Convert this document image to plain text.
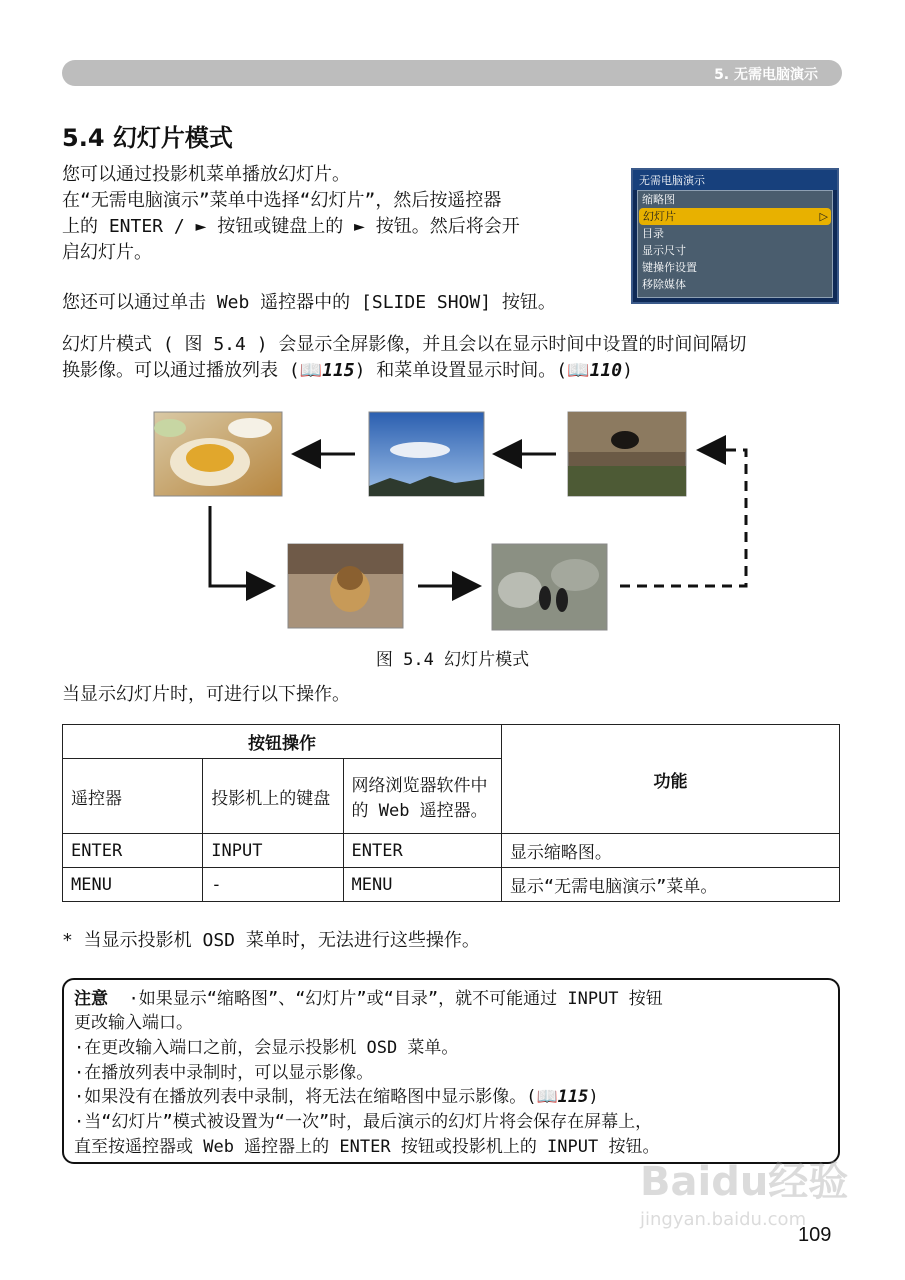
5. 无需电脑演示
5.4 幻灯片模式
您可以通过投影机菜单播放幻灯片。
在“无需电脑演示”菜单中选择“幻灯片”，然后按遥控器
上的 ENTER / ► 按钮或键盘上的 ► 按钮。然后将会开
启幻灯片。
您还可以通过单击 Web 遥控器中的 [SLIDE SHOW] 按钮。
无需电脑演示
缩略图
幻灯片	▷
目录
显示尺寸
键操作设置
移除媒体
幻灯片模式 ( 图 5.4 ) 会显示全屏影像，并且会以在显示时间中设置的时间间隔切
换影像。可以通过播放列表 (📖115) 和菜单设置显示时间。(📖110)
图 5.4 幻灯片模式
当显示幻灯片时，可进行以下操作。
按钮操作			功能
遥控器	投影机上的键盘	网络浏览器软件中的 Web 遥控器。	
ENTER	INPUT	ENTER	显示缩略图。
MENU	-	MENU	显示“无需电脑演示”菜单。
* 当显示投影机 OSD 菜单时，无法进行这些操作。
注意 ·如果显示“缩略图”、“幻灯片”或“目录”，就不可能通过 INPUT 按钮
更改输入端口。
·在更改输入端口之前，会显示投影机 OSD 菜单。
·在播放列表中录制时，可以显示影像。
·如果没有在播放列表中录制，将无法在缩略图中显示影像。(📖115)
·当“幻灯片”模式被设置为“一次”时，最后演示的幻灯片将会保存在屏幕上，
直至按遥控器或 Web 遥控器上的 ENTER 按钮或投影机上的 INPUT 按钮。
Baidu经验
jingyan.baidu.com
109
